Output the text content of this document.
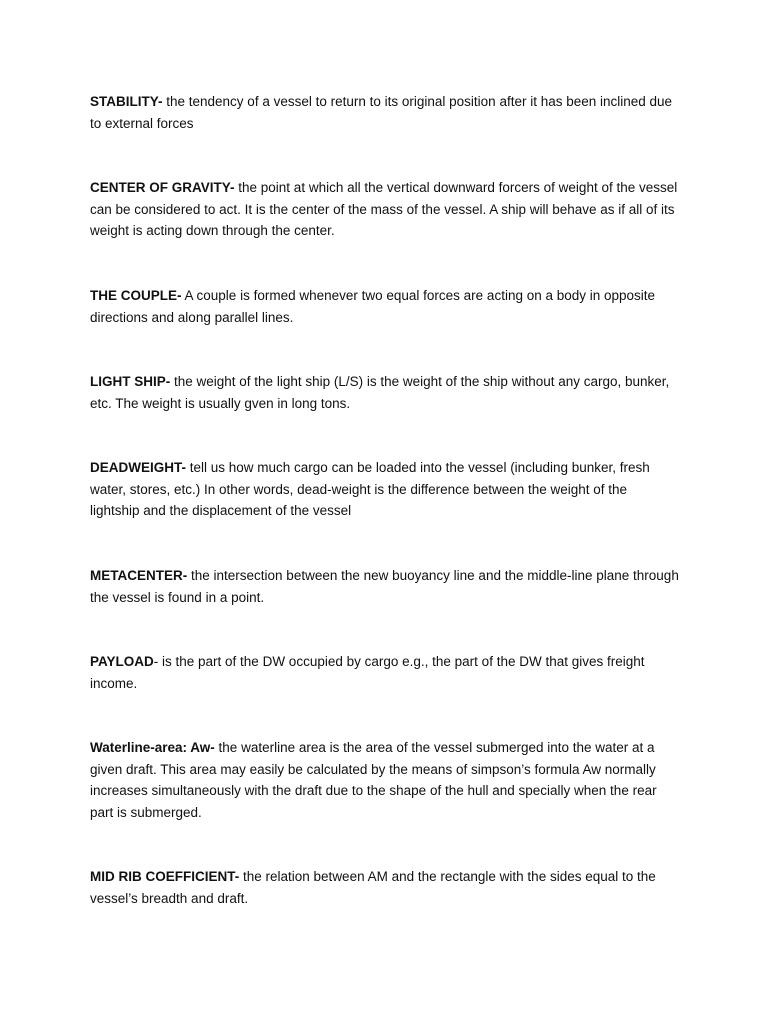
STABILITY- the tendency of a vessel to return to its original position after it has been inclined due to external forces

CENTER OF GRAVITY- the point at which all the vertical downward forcers of weight of the vessel can be considered to act. It is the center of the mass of the vessel. A ship will behave as if all of its weight is acting down through the center.

THE COUPLE- A couple is formed whenever two equal forces are acting on a body in opposite directions and along parallel lines.

LIGHT SHIP- the weight of the light ship (L/S) is the weight of the ship without any cargo, bunker, etc. The weight is usually gven in long tons.

DEADWEIGHT- tell us how much cargo can be loaded into the vessel (including bunker, fresh water, stores, etc.) In other words, dead-weight is the difference between the weight of the lightship and the displacement of the vessel

METACENTER- the intersection between the new buoyancy line and the middle-line plane through the vessel is found in a point.

PAYLOAD- is the part of the DW occupied by cargo e.g., the part of the DW that gives freight income.

Waterline-area: Aw- the waterline area is the area of the vessel submerged into the water at a given draft. This area may easily be calculated by the means of simpson’s formula Aw normally increases simultaneously with the draft due to the shape of the hull and specially when the rear part is submerged.

MID RIB COEFFICIENT- the relation between AM and the rectangle with the sides equal to the vessel’s breadth and draft.
